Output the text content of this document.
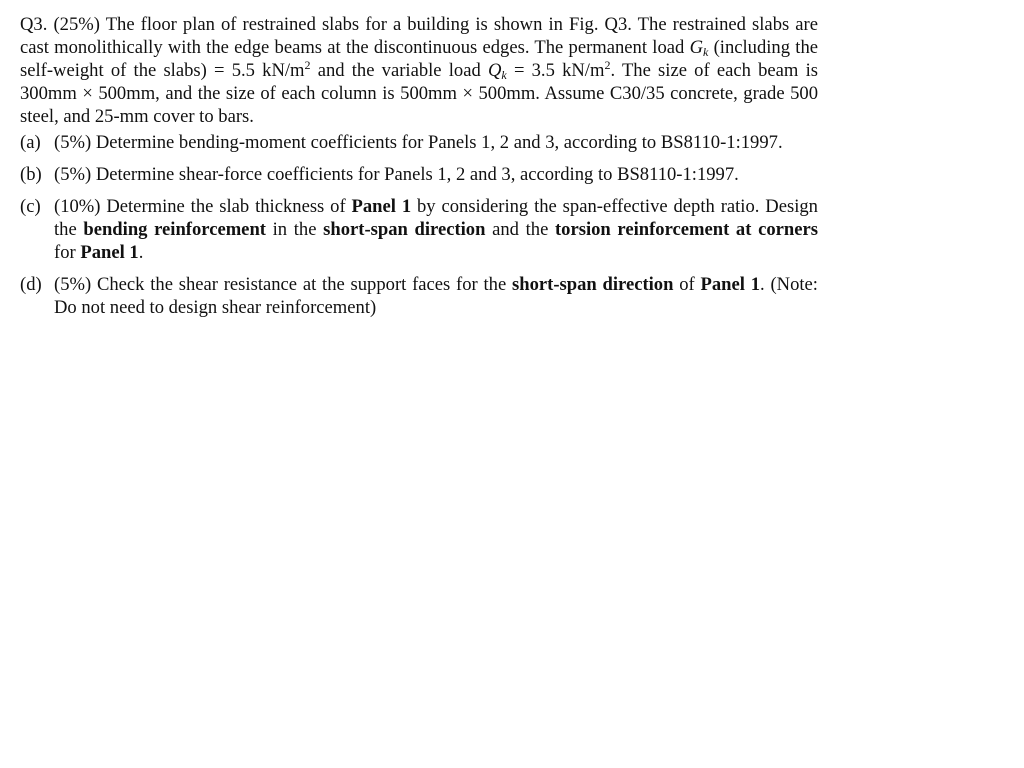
Q3. (25%) The floor plan of restrained slabs for a building is shown in Fig. Q3. The restrained slabs are cast monolithically with the edge beams at the discontinuous edges. The permanent load $G_k$ (including the self-weight of the slabs) = 5.5 $kN/m^2$ and the variable load $Q_k = 3.5$ $kN/m^2$. The size of each beam is 300mm × 500mm, and the size of each column is 500mm × 500mm. Assume C30/35 concrete, grade 500 steel, and 25-mm cover to bars.

(a) (5%) Determine bending-moment coefficients for Panels 1, 2 and 3, according to BS8110-1:1997.
(b) (5%) Determine shear-force coefficients for Panels 1, 2 and 3, according to BS8110-1:1997.
(c) (10%) Determine the slab thickness of Panel 1 by considering the span-effective depth ratio. Design the bending reinforcement in the short-span direction and the torsion reinforcement at corners for Panel 1.
(d) (5%) Check the shear resistance at the support faces for the short-span direction of Panel 1. (Note: Do not need to design shear reinforcement)
